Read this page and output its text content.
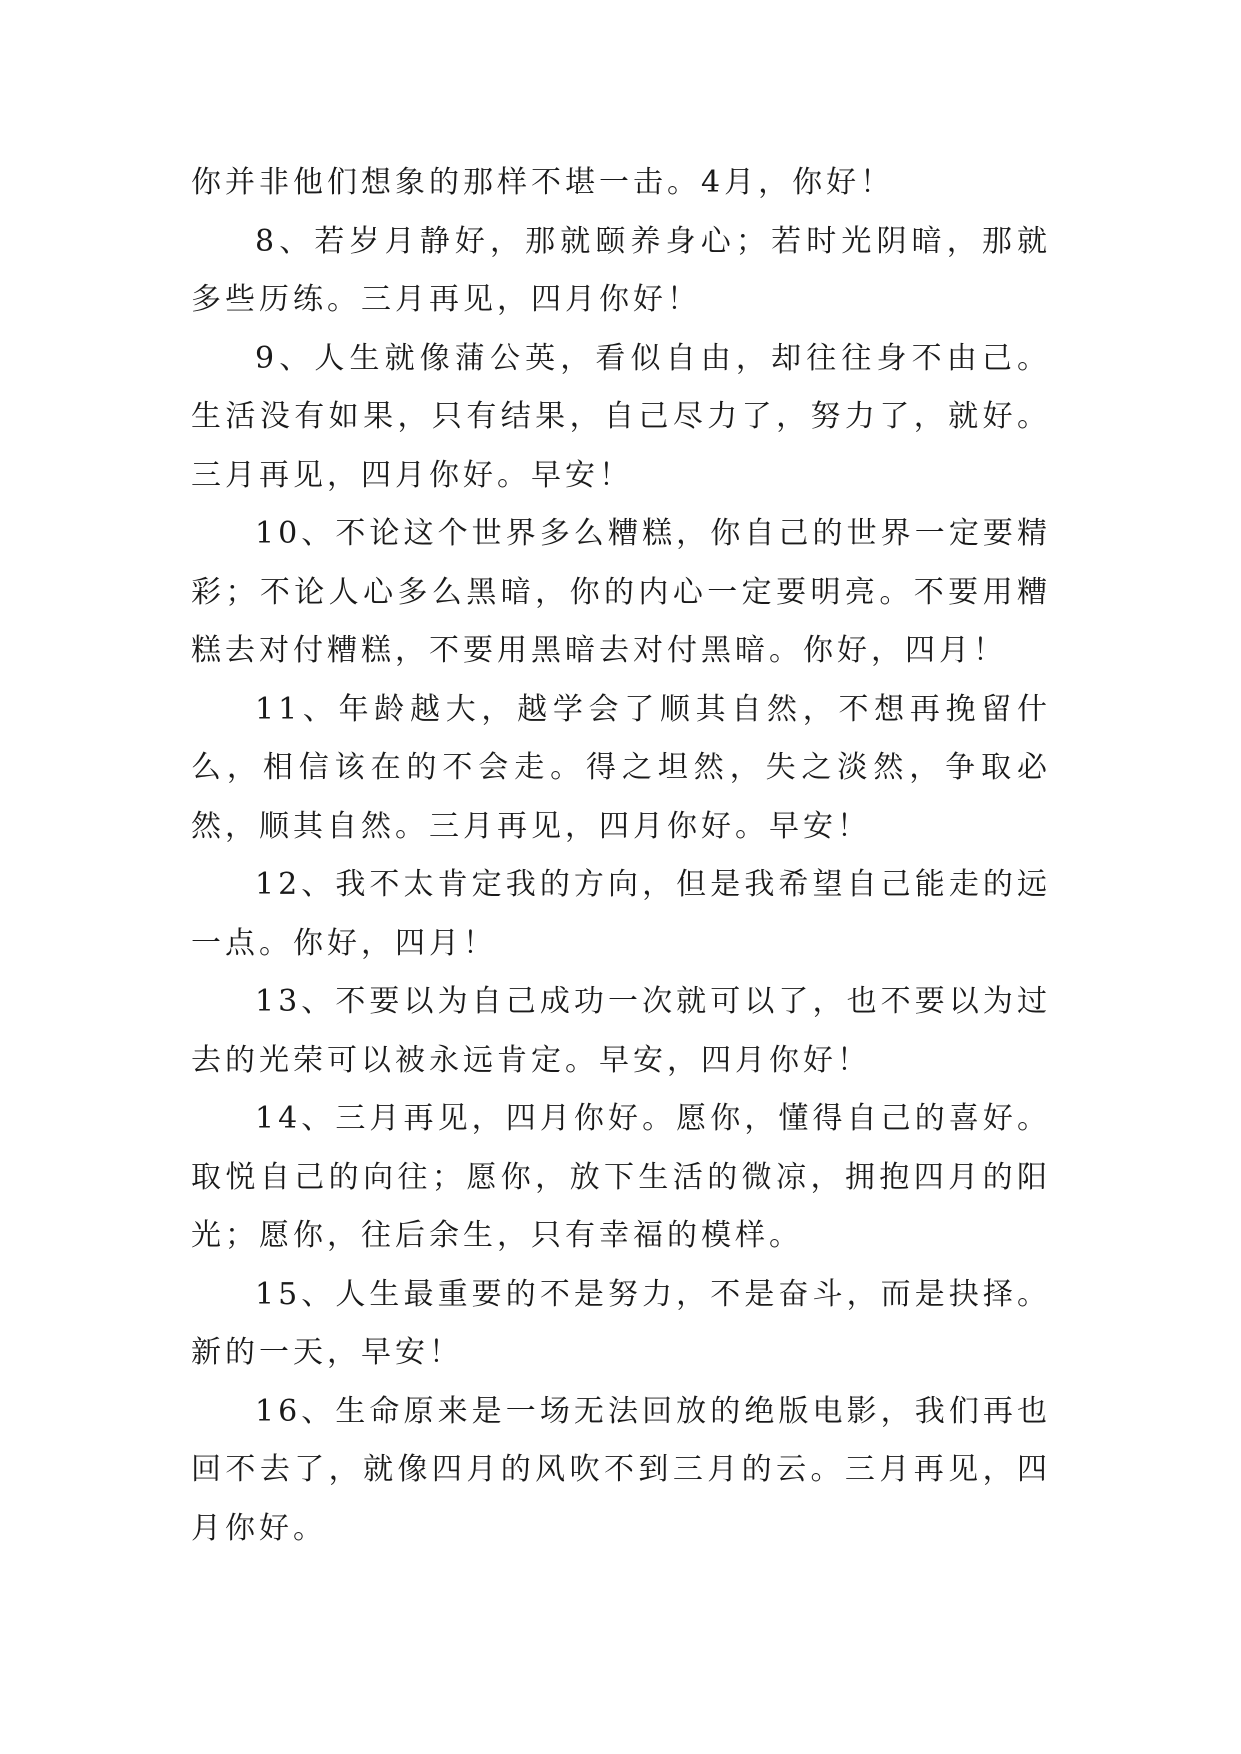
你并非他们想象的那样不堪一击。4月，你好！

8、若岁月静好，那就颐养身心；若时光阴暗，那就多些历练。三月再见，四月你好！

9、人生就像蒲公英，看似自由，却往往身不由己。生活没有如果，只有结果，自己尽力了，努力了，就好。三月再见，四月你好。早安！

10、不论这个世界多么糟糕，你自己的世界一定要精彩；不论人心多么黑暗，你的内心一定要明亮。不要用糟糕去对付糟糕，不要用黑暗去对付黑暗。你好，四月！

11、年龄越大，越学会了顺其自然，不想再挽留什么，相信该在的不会走。得之坦然，失之淡然，争取必然，顺其自然。三月再见，四月你好。早安！

12、我不太肯定我的方向，但是我希望自己能走的远一点。你好，四月！

13、不要以为自己成功一次就可以了，也不要以为过去的光荣可以被永远肯定。早安，四月你好！

14、三月再见，四月你好。愿你，懂得自己的喜好。取悦自己的向往；愿你，放下生活的微凉，拥抱四月的阳光；愿你，往后余生，只有幸福的模样。

15、人生最重要的不是努力，不是奋斗，而是抉择。新的一天，早安！

16、生命原来是一场无法回放的绝版电影，我们再也回不去了，就像四月的风吹不到三月的云。三月再见，四月你好。
